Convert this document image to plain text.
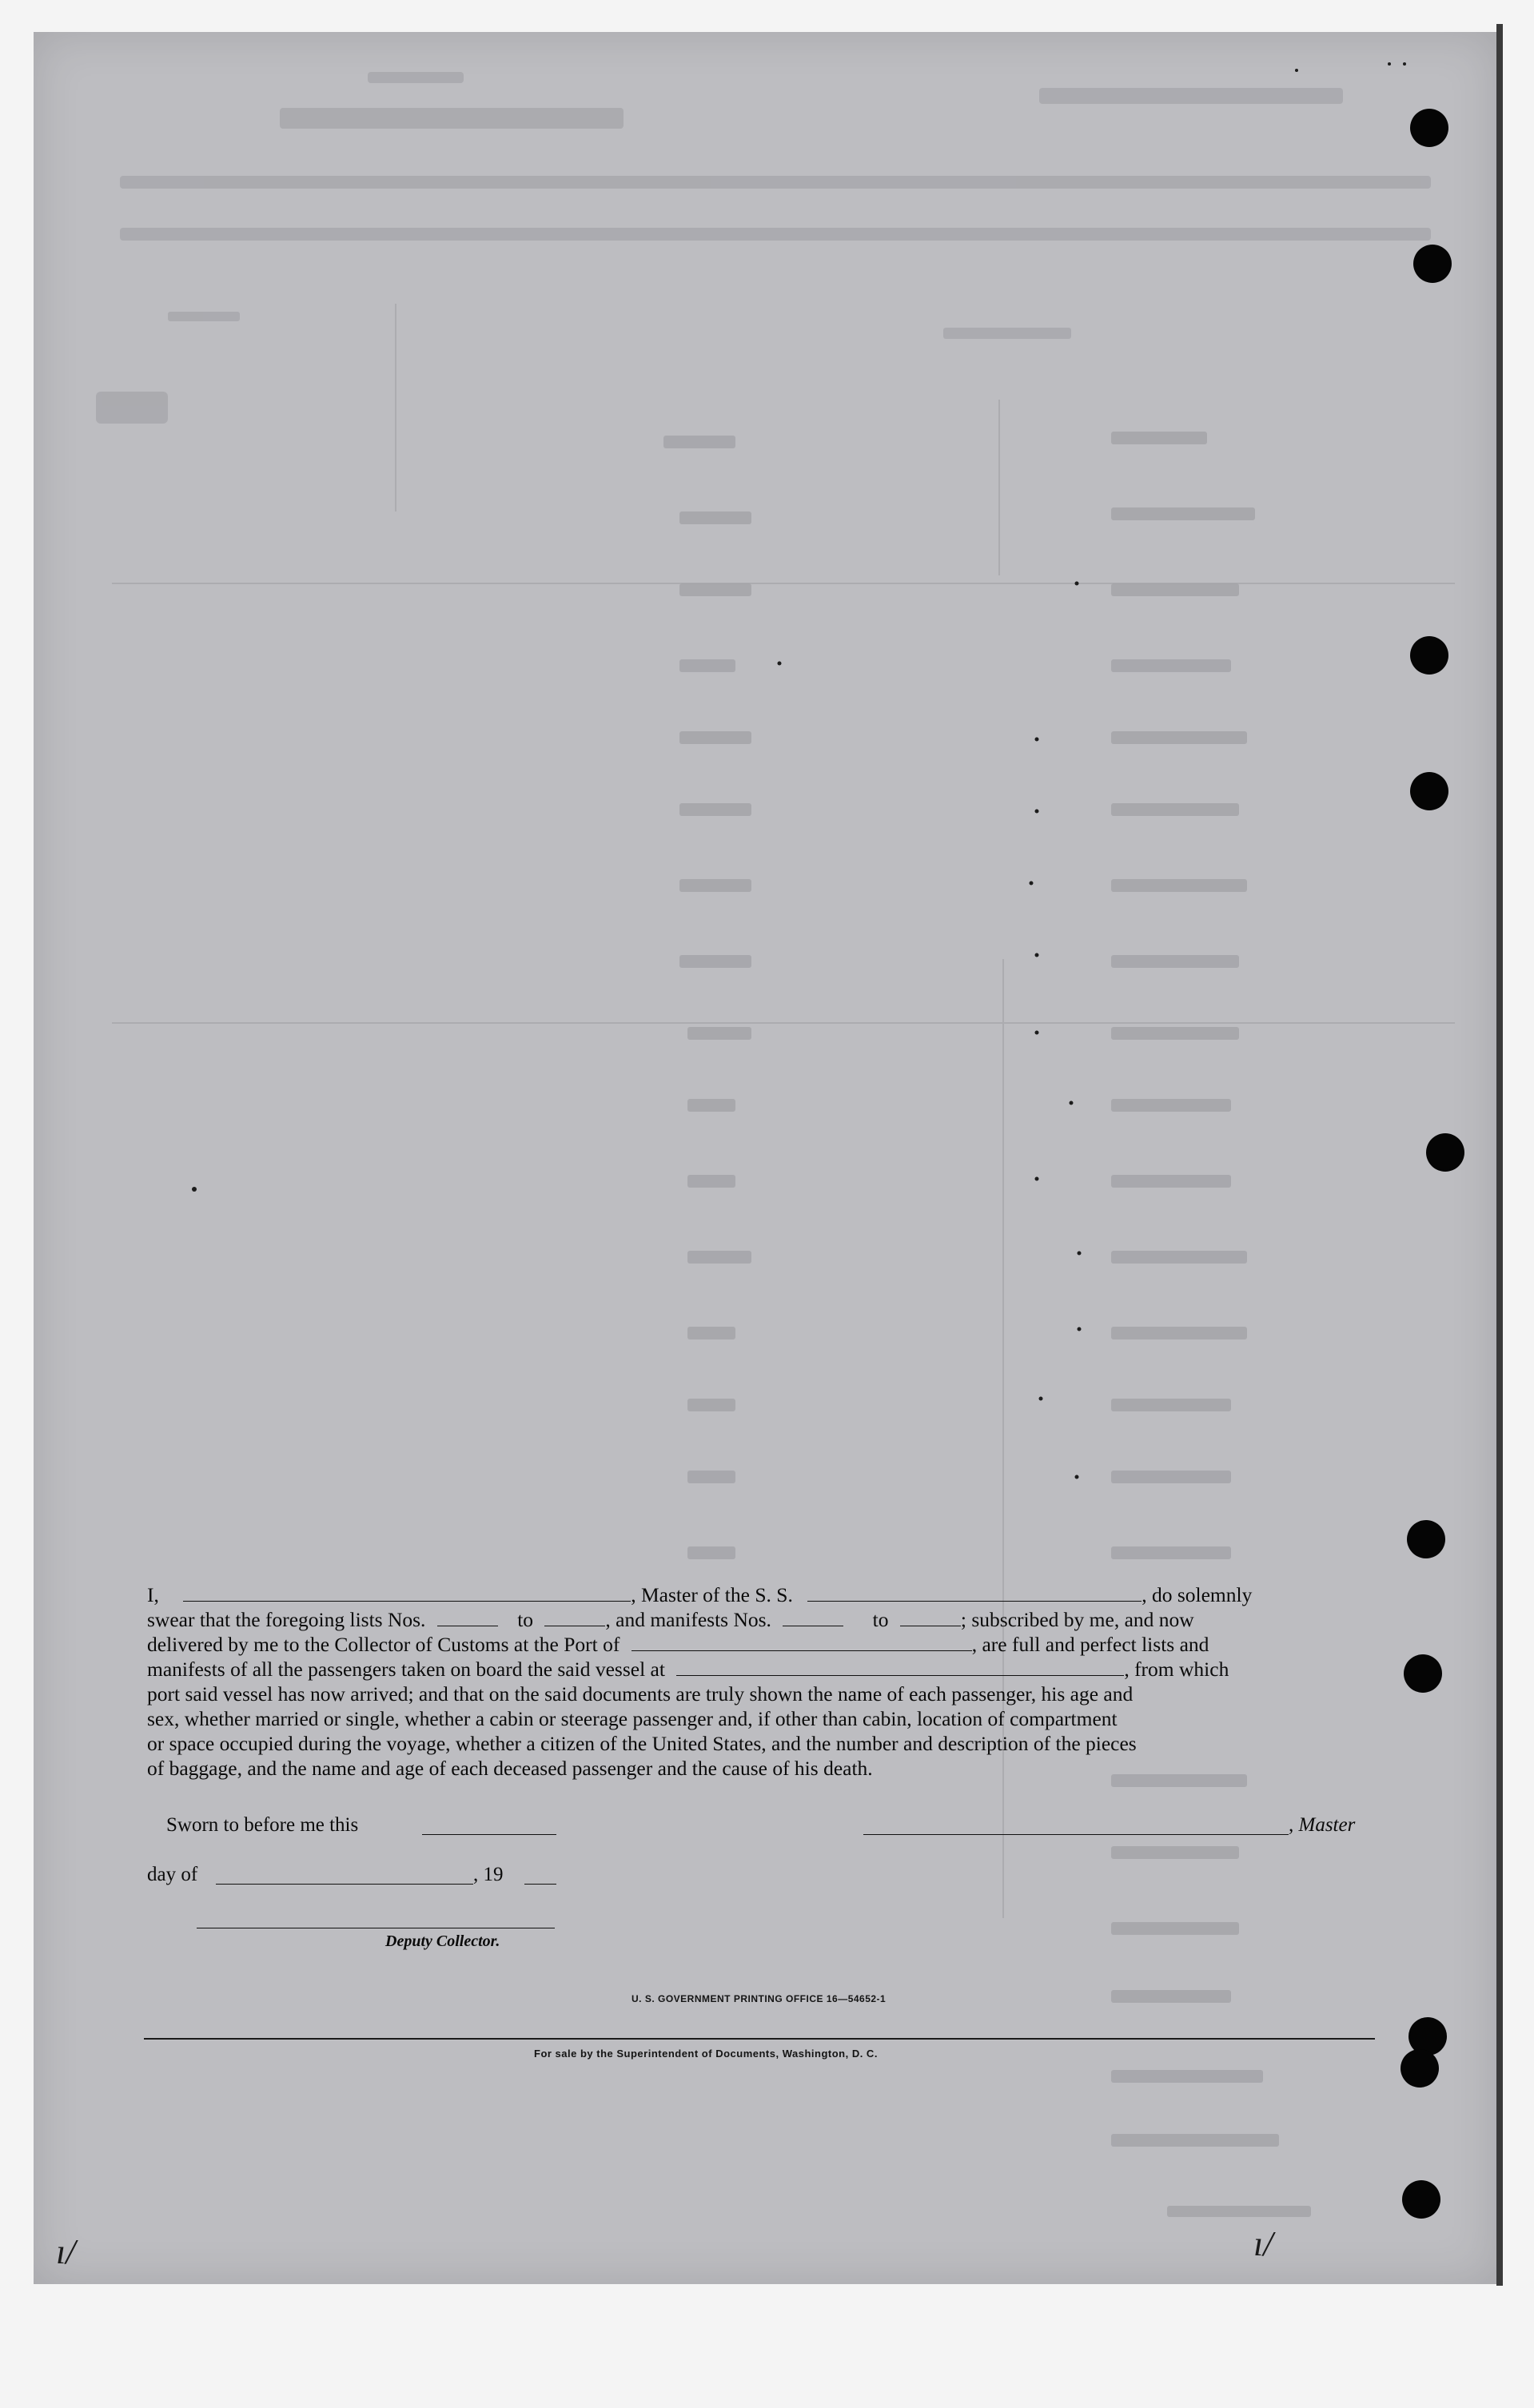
I,	, Master of the S. S.	, do solemnly
swear that the foregoing lists Nos.	to	, and manifests Nos.	to	; subscribed by me, and now
delivered by me to the Collector of Customs at the Port of	, are full and perfect lists and
manifests of all the passengers taken on board the said vessel at	, from which
port said vessel has now arrived; and that on the said documents are truly shown the name of each passenger, his age and
sex, whether married or single, whether a cabin or steerage passenger and, if other than cabin, location of compartment
or space occupied during the voyage, whether a citizen of the United States, and the number and description of the pieces
of baggage, and the name and age of each deceased passenger and the cause of his death.
Sworn to before me this	, Master
day of	, 19
Deputy Collector.
U. S. GOVERNMENT PRINTING OFFICE 16—54652-1
For sale by the Superintendent of Documents, Washington, D. C.
ı/	ı/
